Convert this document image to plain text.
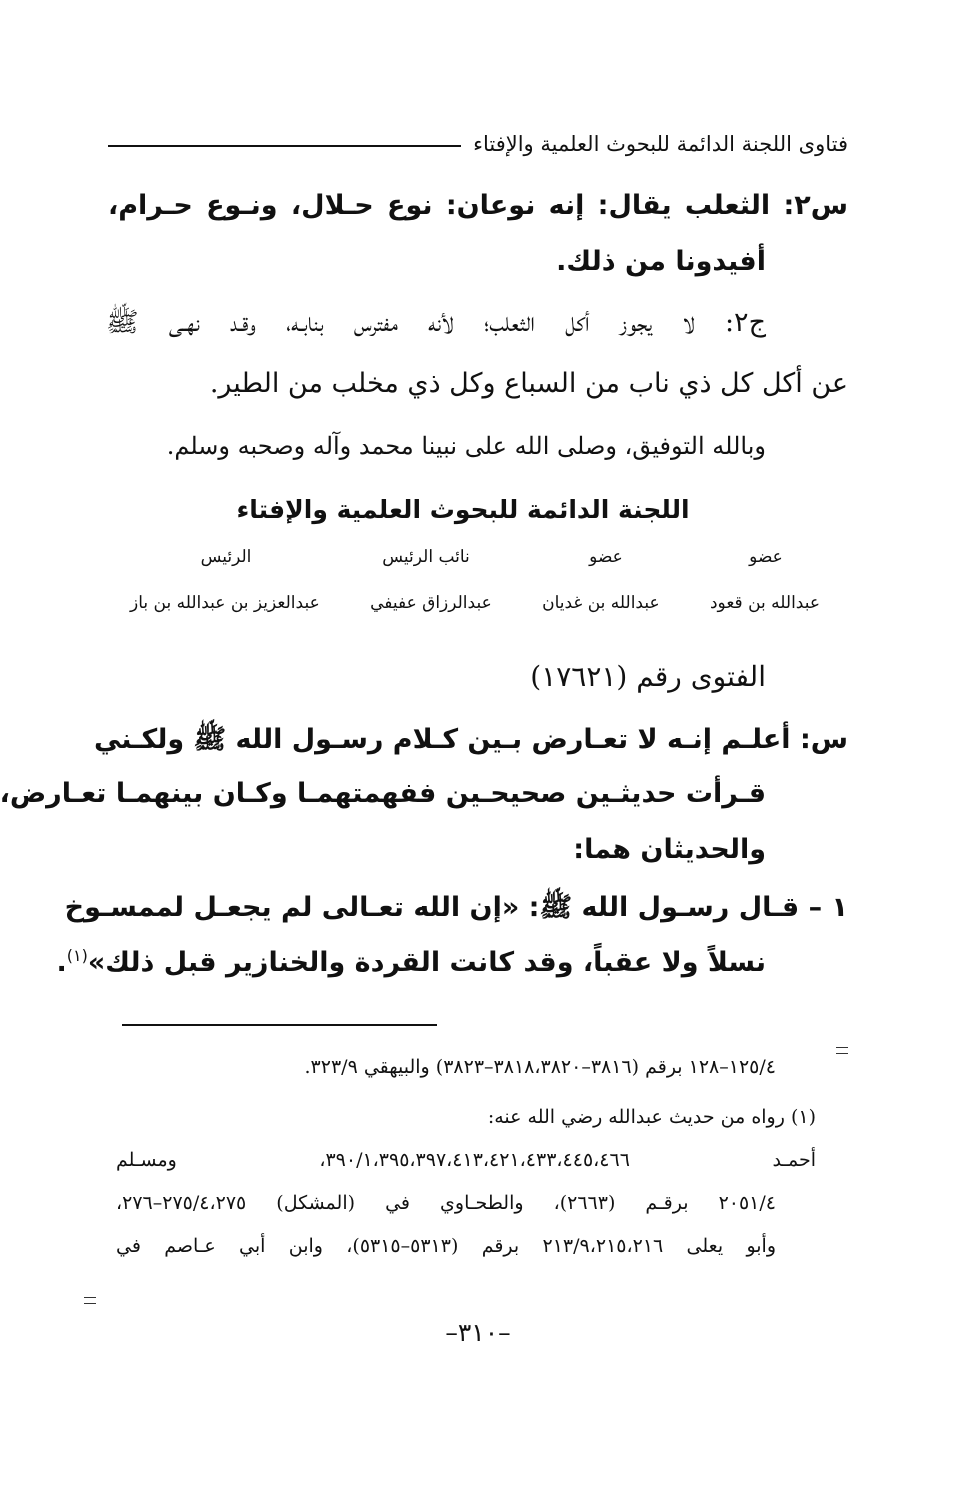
فتاوى اللجنة الدائمة للبحوث العلمية والإفتاء
س٢: الثعلب يقال: إنه نوعان: نوع حـلال، ونـوع حـرام،
أفيدونا من ذلك.
ج٢: لا يجوز أكل الثعلب؛ لأنه مفترس بنابـه، وقـد نهـى ﷺ
عن أكل كل ذي ناب من السباع وكل ذي مخلب من الطير.
وبالله التوفيق، وصلى الله على نبينا محمد وآله وصحبه وسلم.
اللجنة الدائمة للبحوث العلمية والإفتاء
عضو
عضو
نائب الرئيس
الرئيس
عبدالله بن قعود
عبدالله بن غديان
عبدالرزاق عفيفي
عبدالعزيز بن عبدالله بن باز
الفتوى رقم (١٧٦٢١)
س: أعلـم إنـه لا تعـارض بـين كـلام رسـول الله ﷺ ولكـني
قـرأت حديثـين صحيحـين ففهمتهمـا وكـان بينهمـا تعـارض،
والحديثان هما:
١ – قـال رسـول الله ﷺ: «إن الله تعـالى لم يجعـل لممسـوخ
نسلاً ولا عقباً، وقد كانت القردة والخنازير قبل ذلك»$^{(١)}$.
١٢٥/٤–١٢٨ برقم (٣٨١٦–٣٨١٨،٣٨٢٠–٣٨٢٣) والبيهقي ٣٢٣/٩.
(١) رواه من حديث عبدالله رضي الله عنه:
أحمـد ٣٩٠/١،٣٩٥،٣٩٧،٤١٣،٤٢١،٤٣٣،٤٤٥،٤٦٦، ومسـلم
٢٠٥١/٤ برقـم (٢٦٦٣)، والطحـاوي في (المشكل) ٢٧٥/٤،٢٧٥–٢٧٦،
وأبو يعلى ٢١٣/٩،٢١٥،٢١٦ برقم (٥٣١٣–٥٣١٥)، وابن أبي عـاصم في
–٣١٠–
